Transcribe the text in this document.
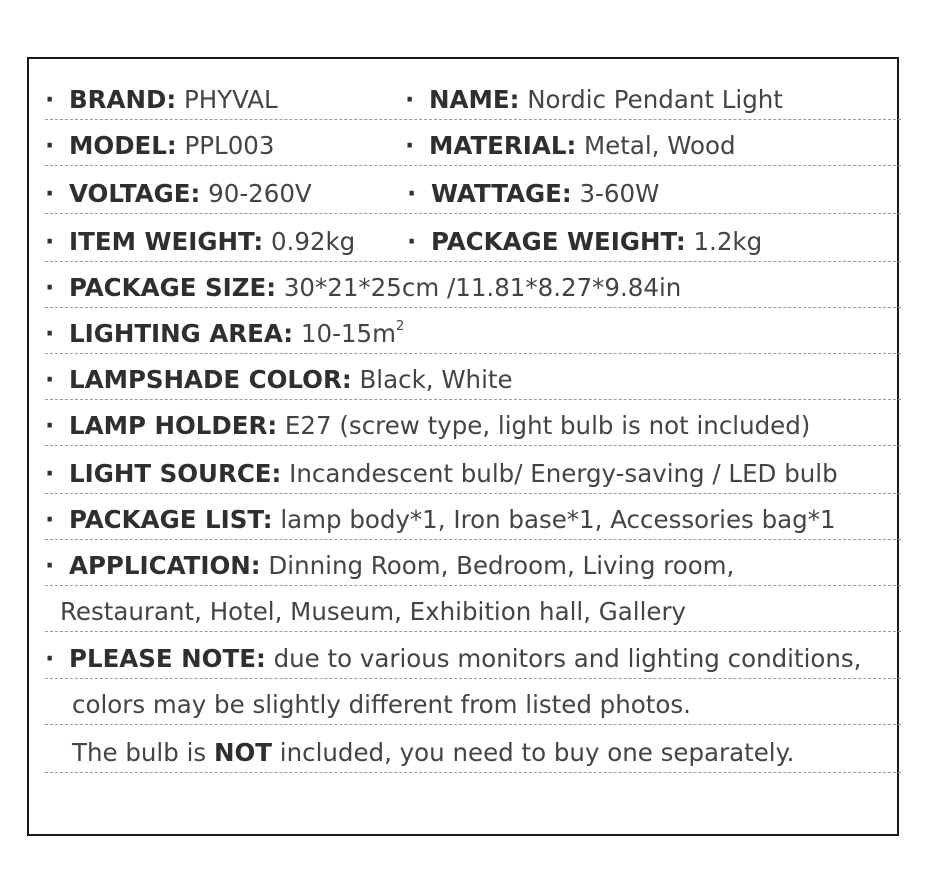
· BRAND: PHYVAL	· NAME: Nordic Pendant Light
· MODEL: PPL003	· MATERIAL: Metal, Wood
· VOLTAGE: 90-260V	· WATTAGE: 3-60W
· ITEM WEIGHT: 0.92kg · PACKAGE WEIGHT: 1.2kg
· PACKAGE SIZE: 30*21*25cm /11.81*8.27*9.84in
· LIGHTING AREA: $10-15m^2$
· LAMPSHADE COLOR: Black, White
· LAMP HOLDER: E27 (screw type, light bulb is not included)
· LIGHT SOURCE: Incandescent bulb/ Energy-saving / LED bulb
· PACKAGE LIST: lamp body*1, Iron base*1, Accessories bag*1
· APPLICATION: Dinning Room, Bedroom, Living room,
Restaurant, Hotel, Museum, Exhibition hall, Gallery
· PLEASE NOTE: due to various monitors and lighting conditions,
colors may be slightly different from listed photos.
The bulb is NOT included, you need to buy one separately.
